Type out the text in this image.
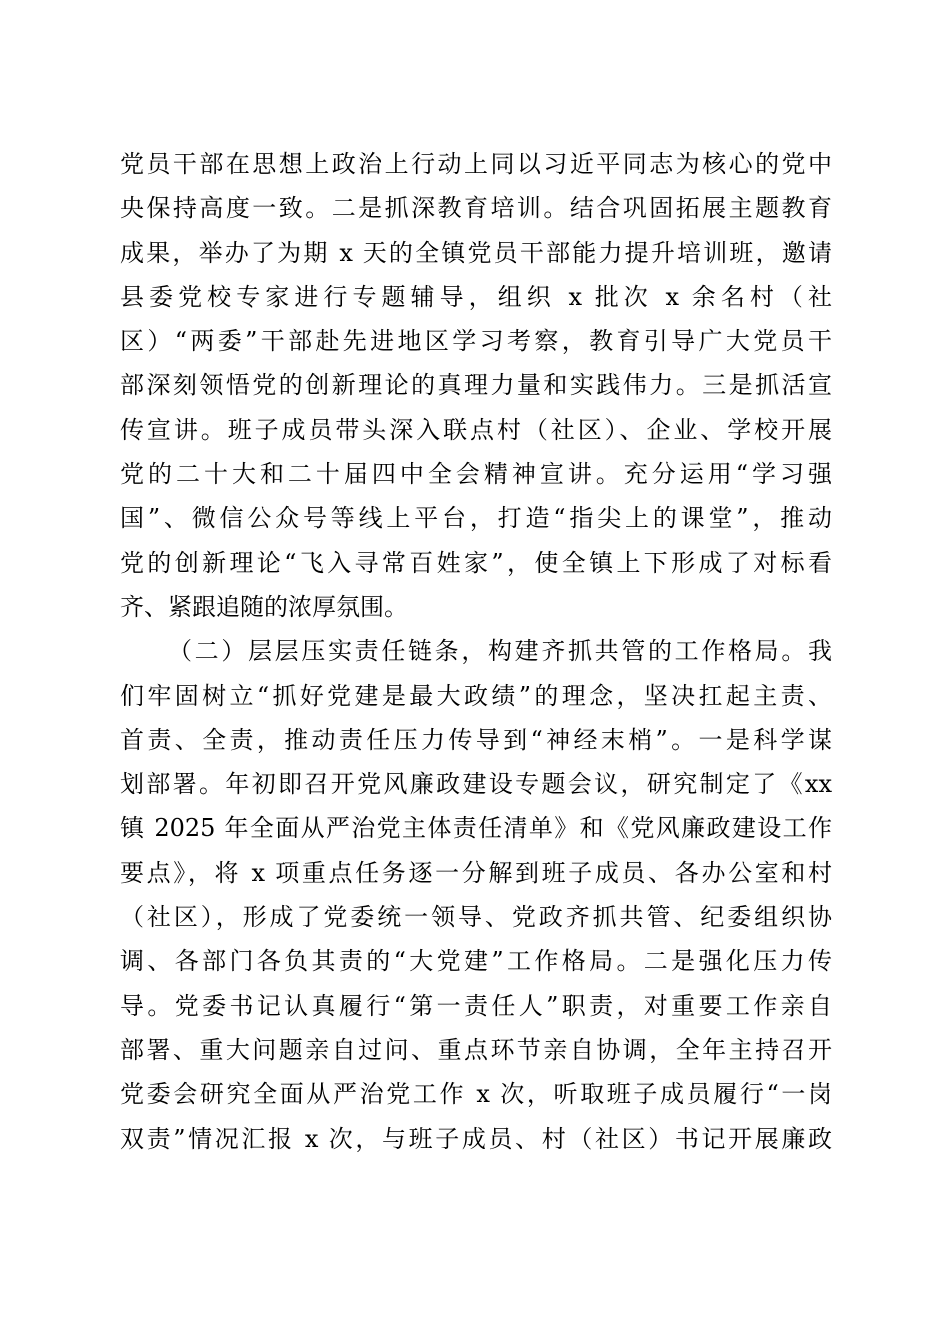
党员干部在思想上政治上行动上同以习近平同志为核心的党中
央保持高度一致。二是抓深教育培训。结合巩固拓展主题教育
成果，举办了为期 x 天的全镇党员干部能力提升培训班，邀请
县委党校专家进行专题辅导，组织 x 批次 x 余名村（社
区）“两委”干部赴先进地区学习考察，教育引导广大党员干
部深刻领悟党的创新理论的真理力量和实践伟力。三是抓活宣
传宣讲。班子成员带头深入联点村（社区）、企业、学校开展
党的二十大和二十届四中全会精神宣讲。充分运用“学习强
国”、微信公众号等线上平台，打造“指尖上的课堂”，推动
党的创新理论“飞入寻常百姓家”，使全镇上下形成了对标看
齐、紧跟追随的浓厚氛围。
（二）层层压实责任链条，构建齐抓共管的工作格局。我
们牢固树立“抓好党建是最大政绩”的理念，坚决扛起主责、
首责、全责，推动责任压力传导到“神经末梢”。一是科学谋
划部署。年初即召开党风廉政建设专题会议，研究制定了《xx
镇 2025 年全面从严治党主体责任清单》和《党风廉政建设工作
要点》，将 x 项重点任务逐一分解到班子成员、各办公室和村
（社区），形成了党委统一领导、党政齐抓共管、纪委组织协
调、各部门各负其责的“大党建”工作格局。二是强化压力传
导。党委书记认真履行“第一责任人”职责，对重要工作亲自
部署、重大问题亲自过问、重点环节亲自协调，全年主持召开
党委会研究全面从严治党工作 x 次，听取班子成员履行“一岗
双责”情况汇报 x 次，与班子成员、村（社区）书记开展廉政
